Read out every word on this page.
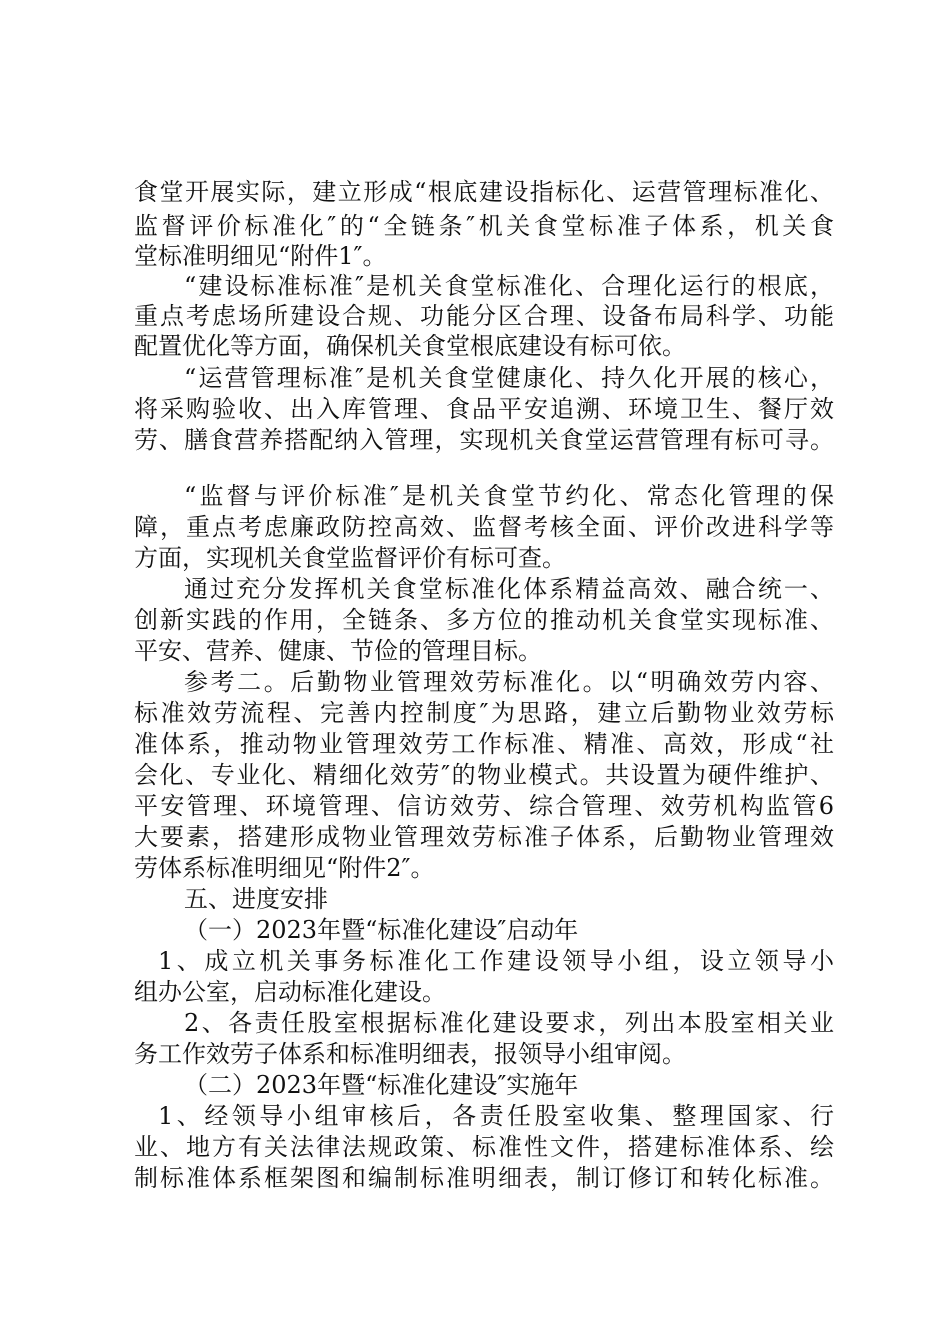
食堂开展实际，建立形成“根底建设指标化、运营管理标准化、
监督评价标准化″的“全链条″机关食堂标准子体系，机关食
堂标准明细见“附件1″。
“建设标准标准″是机关食堂标准化、合理化运行的根底，
重点考虑场所建设合规、功能分区合理、设备布局科学、功能
配置优化等方面，确保机关食堂根底建设有标可依。
“运营管理标准″是机关食堂健康化、持久化开展的核心，
将采购验收、出入库管理、食品平安追溯、环境卫生、餐厅效
劳、膳食营养搭配纳入管理，实现机关食堂运营管理有标可寻。
“监督与评价标准″是机关食堂节约化、常态化管理的保
障，重点考虑廉政防控高效、监督考核全面、评价改进科学等
方面，实现机关食堂监督评价有标可查。
通过充分发挥机关食堂标准化体系精益高效、融合统一、
创新实践的作用，全链条、多方位的推动机关食堂实现标准、
平安、营养、健康、节俭的管理目标。
参考二。后勤物业管理效劳标准化。以“明确效劳内容、
标准效劳流程、完善内控制度″为思路，建立后勤物业效劳标
准体系，推动物业管理效劳工作标准、精准、高效，形成“社
会化、专业化、精细化效劳″的物业模式。共设置为硬件维护、
平安管理、环境管理、信访效劳、综合管理、效劳机构监管6
大要素，搭建形成物业管理效劳标准子体系，后勤物业管理效
劳体系标准明细见“附件2″。
五、进度安排
（一）2023年暨“标准化建设″启动年
1、成立机关事务标准化工作建设领导小组，设立领导小
组办公室，启动标准化建设。
2、各责任股室根据标准化建设要求，列出本股室相关业
务工作效劳子体系和标准明细表，报领导小组审阅。
（二）2023年暨“标准化建设″实施年
1、经领导小组审核后，各责任股室收集、整理国家、行
业、地方有关法律法规政策、标准性文件，搭建标准体系、绘
制标准体系框架图和编制标准明细表，制订修订和转化标准。
